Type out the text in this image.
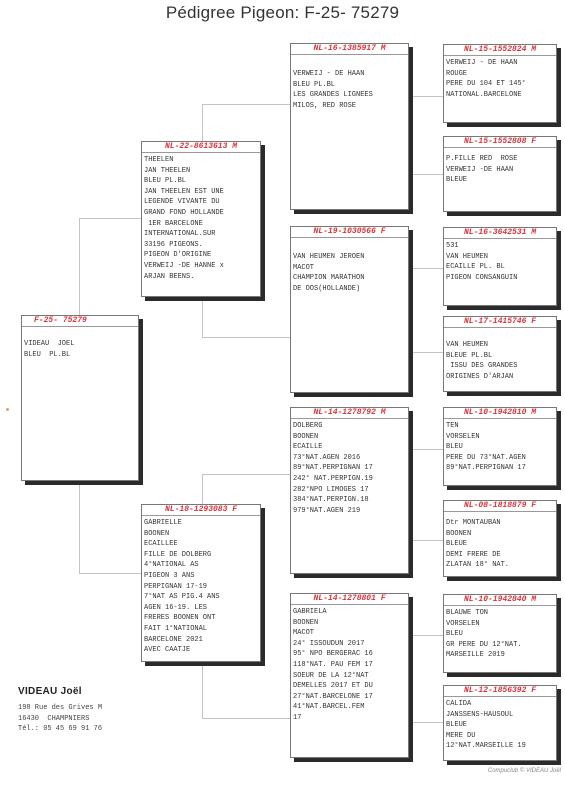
Pédigree Pigeon: F-25- 75279
F-25- 75279
VIDEAU  JOEL
BLEU  PL.BL
NL-22-8613613 M
THEELEN
JAN THEELEN
BLEU PL.BL
JAN THEELEN EST UNE
LEGENDE VIVANTE DU
GRAND FOND HOLLANDE
1ER BARCELONE
INTERNATIONAL.SUR
33196 PIGEONS.
PIGEON D'ORIGINE
VERWEIJ -DE HANNE x
ARJAN BEENS.
NL-18-1293083 F
GABRIELLE
BOONEN
ECAILLEE
FILLE DE DOLBERG
4°NATIONAL AS
PIGEON 3 ANS
PERPIGNAN 17-19
7°NAT AS PIG.4 ANS
AGEN 16-19. LES
FRERES BOONEN ONT
FAIT 1°NATIONAL
BARCELONE 2021
AVEC CAATJE
NL-16-1385917 M
VERWEIJ - DE HAAN
BLEU PL.BL
LES GRANDES LIGNEES
MILOS, RED ROSE
NL-19-1030566 F
VAN HEUMEN JEROEN
MACOT
CHAMPION MARATHON
DE OOS(HOLLANDE)
NL-14-1278792 M
DOLBERG
BOONEN
ECAILLE
73°NAT.AGEN 2016
89°NAT.PERPIGNAN 17
242° NAT.PERPIGN.19
282°NPO LIMOGES 17
384°NAT.PERPIGN.18
979°NAT.AGEN 219
NL-14-1278801 F
GABRIELA
BOONEN
MACOT
24° ISSOUDUN 2017
95° NPO BERGERAC 16
118°NAT. PAU FEM 17
SOEUR DE LA 12°NAT
DEMELLES 2017 ET DU
27°NAT.BARCELONE 17
41°NAT.BARCEL.FEM
17
NL-15-1552824 M
VERWEIJ - DE HAAN
ROUGE
PERE DU 104 ET 145°
NATIONAL.BARCELONE
NL-15-1552808 F
P.FILLE RED  ROSE
VERWEIJ -DE HAAN
BLEUE
NL-16-3642531 M
531
VAN HEUMEN
ECAILLE PL. BL
PIGEON CONSANGUIN
NL-17-1415746 F
VAN HEUMEN
BLEUE PL.BL
ISSU DES GRANDES
ORIGINES D'ARJAN
NL-10-1942810 M
TEN
VORSELEN
BLEU
PERE DU 73°NAT.AGEN
89°NAT.PERPIGNAN 17
NL-08-1818879 F
Dtr MONTAUBAN
BOONEN
BLEUE
DEMI FRERE DE
ZLATAN 18° NAT.
NL-10-1942840 M
BLAUWE TON
VORSELEN
BLEU
GR PERE DU 12°NAT.
MARSEILLE 2019
NL-12-1856392 F
CALIDA
JANSSENS-HAUSOUL
BLEUE
MERE DU
12°NAT.MARSEILLE 19
VIDEAU Joël
198 Rue des Grives M
16430  CHAMPNIERS
Tél.: 05 45 69 91 76
Compuclub © VIDEAU Joël
